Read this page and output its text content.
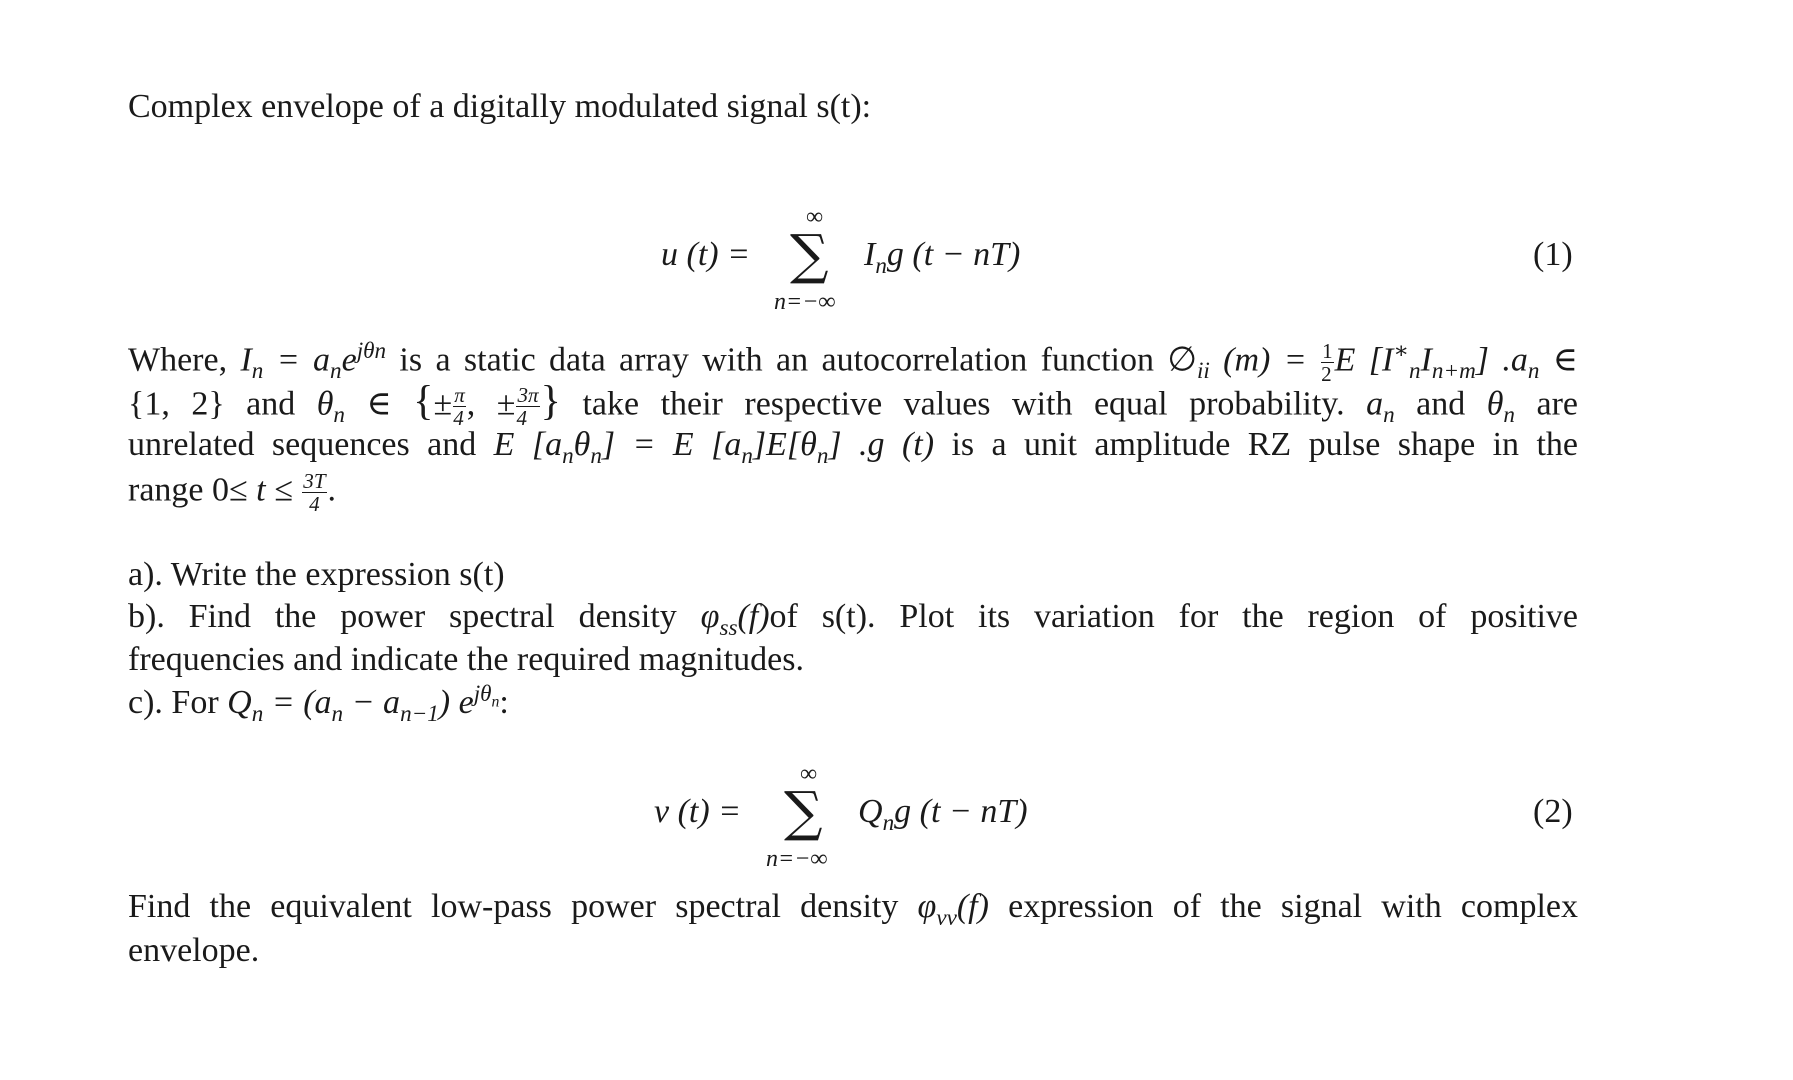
Complex envelope of a digitally modulated signal s(t):
u (t) =
∞
∑
n=−∞
$I_ng$ (t − nT)	(1)
Where, $I_n = a_ne^{j\theta n}$ is a static data array with an autocorrelation function $\emptyset_{ii}$ $(m) = \frac{1}{2}$ E $[I^∗_nI_{n+m}]$ $.a_n$ ∈
{1, 2} and $\theta_n$ ∈ {± $\frac{\pi}{4}$ , ± $\frac{3\pi}{4}$ } take their respective values with equal probability. $a_n$ and $\theta_n$ are
unrelated sequences and E $[a_n\theta_n] = E$ $[a_n]E[\theta_n]$ .g (t) is a unit amplitude RZ pulse shape in the
range $0\le t \le \frac{3T}{4}$ .
a). Write the expression s(t)
b). Find the power spectral density $\varphi_{ss}(f)of$ s(t). Plot its variation for the region of positive
frequencies and indicate the required magnitudes.
c). For $Q_n = (a_n - a_{n-1})$ $e^{j\theta_n}$:
v (t) =
∞
∑
n=−∞
$Q_ng$ (t − nT)	(2)
Find the equivalent low-pass power spectral density $\varphi_{vv}(f)$ expression of the signal with complex
envelope.
